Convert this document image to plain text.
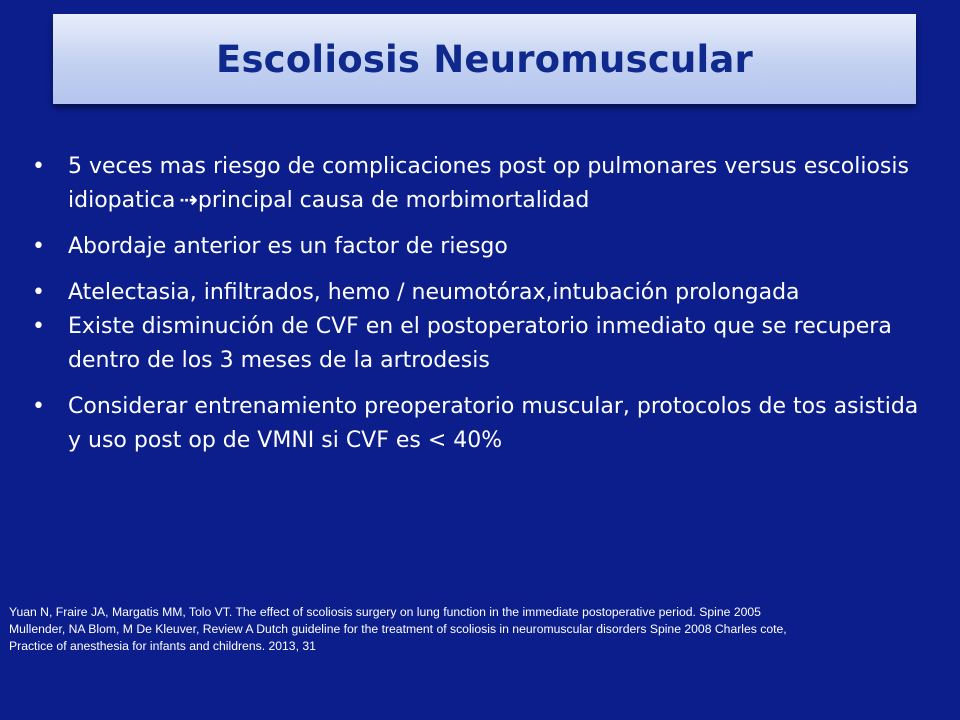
Escoliosis Neuromuscular
• 5 veces mas riesgo de complicaciones post op pulmonares versus escoliosis idiopatica ⇢ principal causa de morbimortalidad
• Abordaje anterior es un factor de riesgo
• Atelectasia, infiltrados, hemo / neumotórax,intubación prolongada
• Existe disminución de CVF en el postoperatorio inmediato que se recupera dentro de los 3 meses de la artrodesis
• Considerar entrenamiento preoperatorio muscular, protocolos de tos asistida y uso post op de VMNI si CVF es < 40%
Yuan N, Fraire JA, Margatis MM, Tolo VT. The effect of scoliosis surgery on lung function in the immediate postoperative period. Spine 2005
Mullender, NA Blom, M De Kleuver, Review A Dutch guideline for the treatment of scoliosis in neuromuscular disorders Spine 2008 Charles cote,
Practice of anesthesia for infants and childrens. 2013, 31
